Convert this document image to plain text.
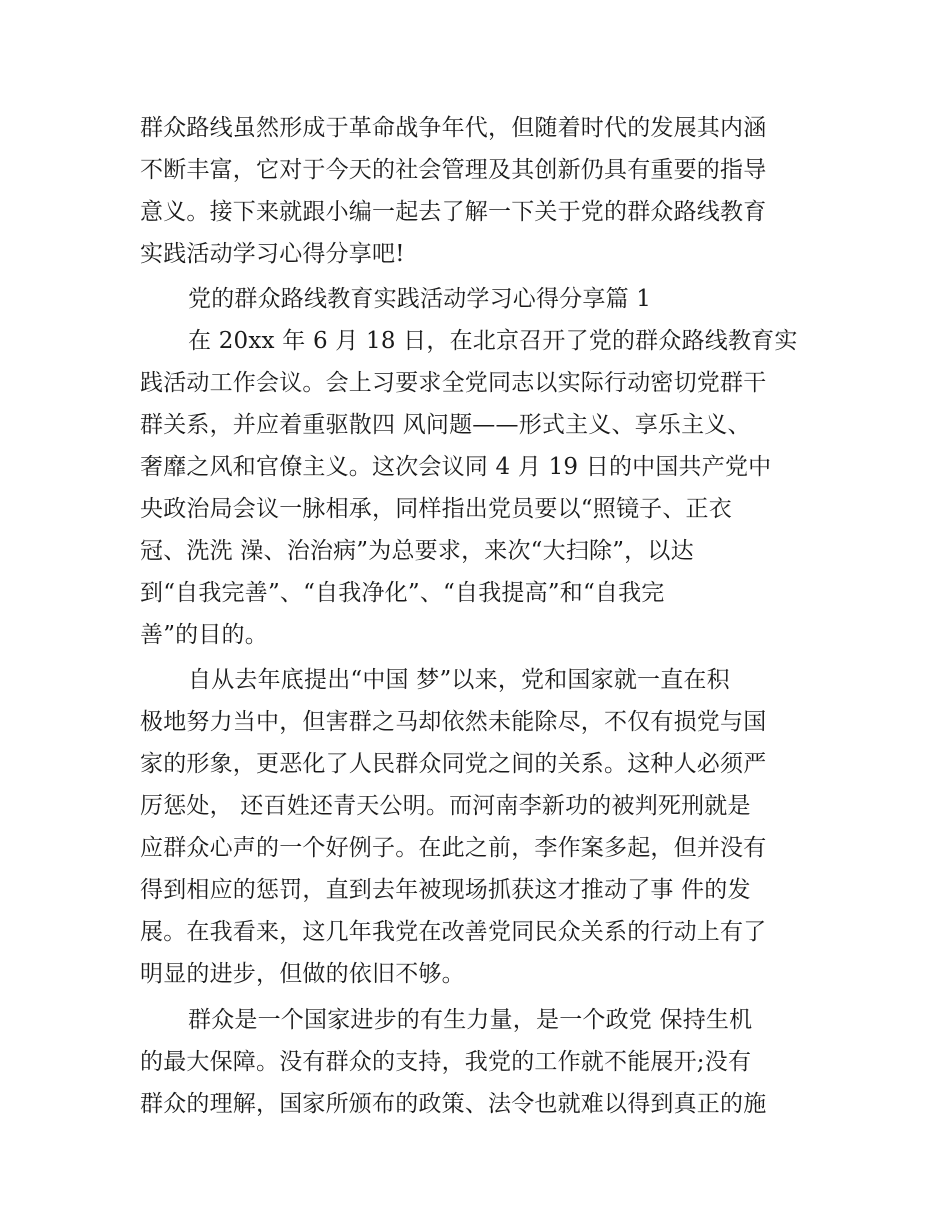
群众路线虽然形成于革命战争年代，但随着时代的发展其内涵
不断丰富，它对于今天的社会管理及其创新仍具有重要的指导
意义。接下来就跟小编一起去了解一下关于党的群众路线教育
实践活动学习心得分享吧!
党的群众路线教育实践活动学习心得分享篇 1
在 20xx 年 6 月 18 日，在北京召开了党的群众路线教育实
践活动工作会议。会上习要求全党同志以实际行动密切党群干
群关系，并应着重驱散四 风问题——形式主义、享乐主义、
奢靡之风和官僚主义。这次会议同 4 月 19 日的中国共产党中
央政治局会议一脉相承，同样指出党员要以“照镜子、正衣
冠、洗洗 澡、治治病”为总要求，来次“大扫除”，以达
到“自我完善”、“自我净化”、“自我提高”和“自我完
善”的目的。
自从去年底提出“中国 梦”以来，党和国家就一直在积
极地努力当中，但害群之马却依然未能除尽，不仅有损党与国
家的形象，更恶化了人民群众同党之间的关系。这种人必须严
厉惩处， 还百姓还青天公明。而河南李新功的被判死刑就是
应群众心声的一个好例子。在此之前，李作案多起，但并没有
得到相应的惩罚，直到去年被现场抓获这才推动了事 件的发
展。在我看来，这几年我党在改善党同民众关系的行动上有了
明显的进步，但做的依旧不够。
群众是一个国家进步的有生力量，是一个政党 保持生机
的最大保障。没有群众的支持，我党的工作就不能展开;没有
群众的理解，国家所颁布的政策、法令也就难以得到真正的施
